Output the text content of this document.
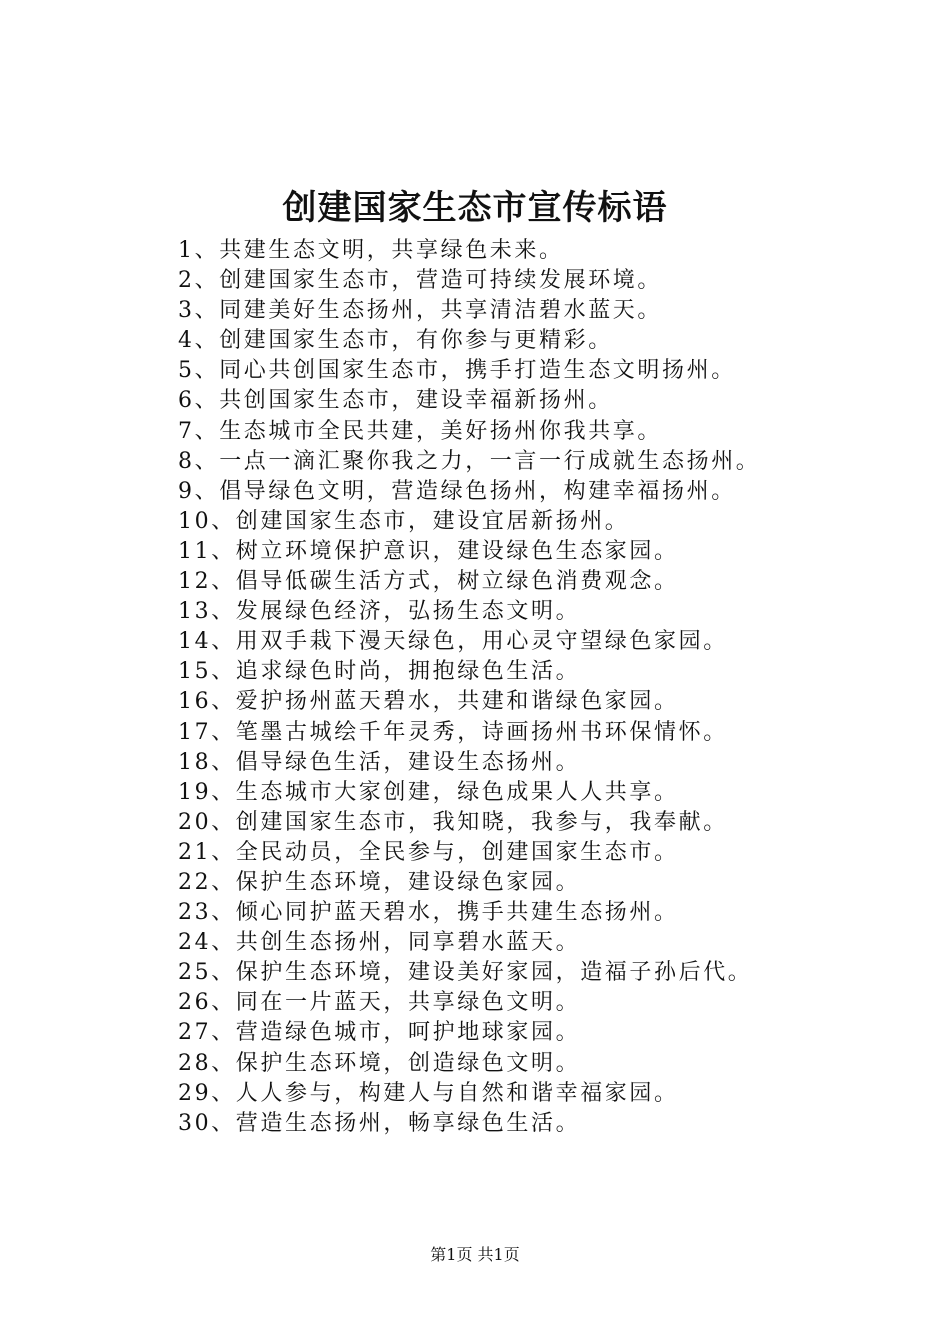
创建国家生态市宣传标语
1、共建生态文明，共享绿色未来。
2、创建国家生态市，营造可持续发展环境。
3、同建美好生态扬州，共享清洁碧水蓝天。
4、创建国家生态市，有你参与更精彩。
5、同心共创国家生态市，携手打造生态文明扬州。
6、共创国家生态市，建设幸福新扬州。
7、生态城市全民共建，美好扬州你我共享。
8、一点一滴汇聚你我之力，一言一行成就生态扬州。
9、倡导绿色文明，营造绿色扬州，构建幸福扬州。
10、创建国家生态市，建设宜居新扬州。
11、树立环境保护意识，建设绿色生态家园。
12、倡导低碳生活方式，树立绿色消费观念。
13、发展绿色经济，弘扬生态文明。
14、用双手栽下漫天绿色，用心灵守望绿色家园。
15、追求绿色时尚，拥抱绿色生活。
16、爱护扬州蓝天碧水，共建和谐绿色家园。
17、笔墨古城绘千年灵秀，诗画扬州书环保情怀。
18、倡导绿色生活，建设生态扬州。
19、生态城市大家创建，绿色成果人人共享。
20、创建国家生态市，我知晓，我参与，我奉献。
21、全民动员，全民参与，创建国家生态市。
22、保护生态环境，建设绿色家园。
23、倾心同护蓝天碧水，携手共建生态扬州。
24、共创生态扬州，同享碧水蓝天。
25、保护生态环境，建设美好家园，造福子孙后代。
26、同在一片蓝天，共享绿色文明。
27、营造绿色城市，呵护地球家园。
28、保护生态环境，创造绿色文明。
29、人人参与，构建人与自然和谐幸福家园。
30、营造生态扬州，畅享绿色生活。
第1页 共1页
